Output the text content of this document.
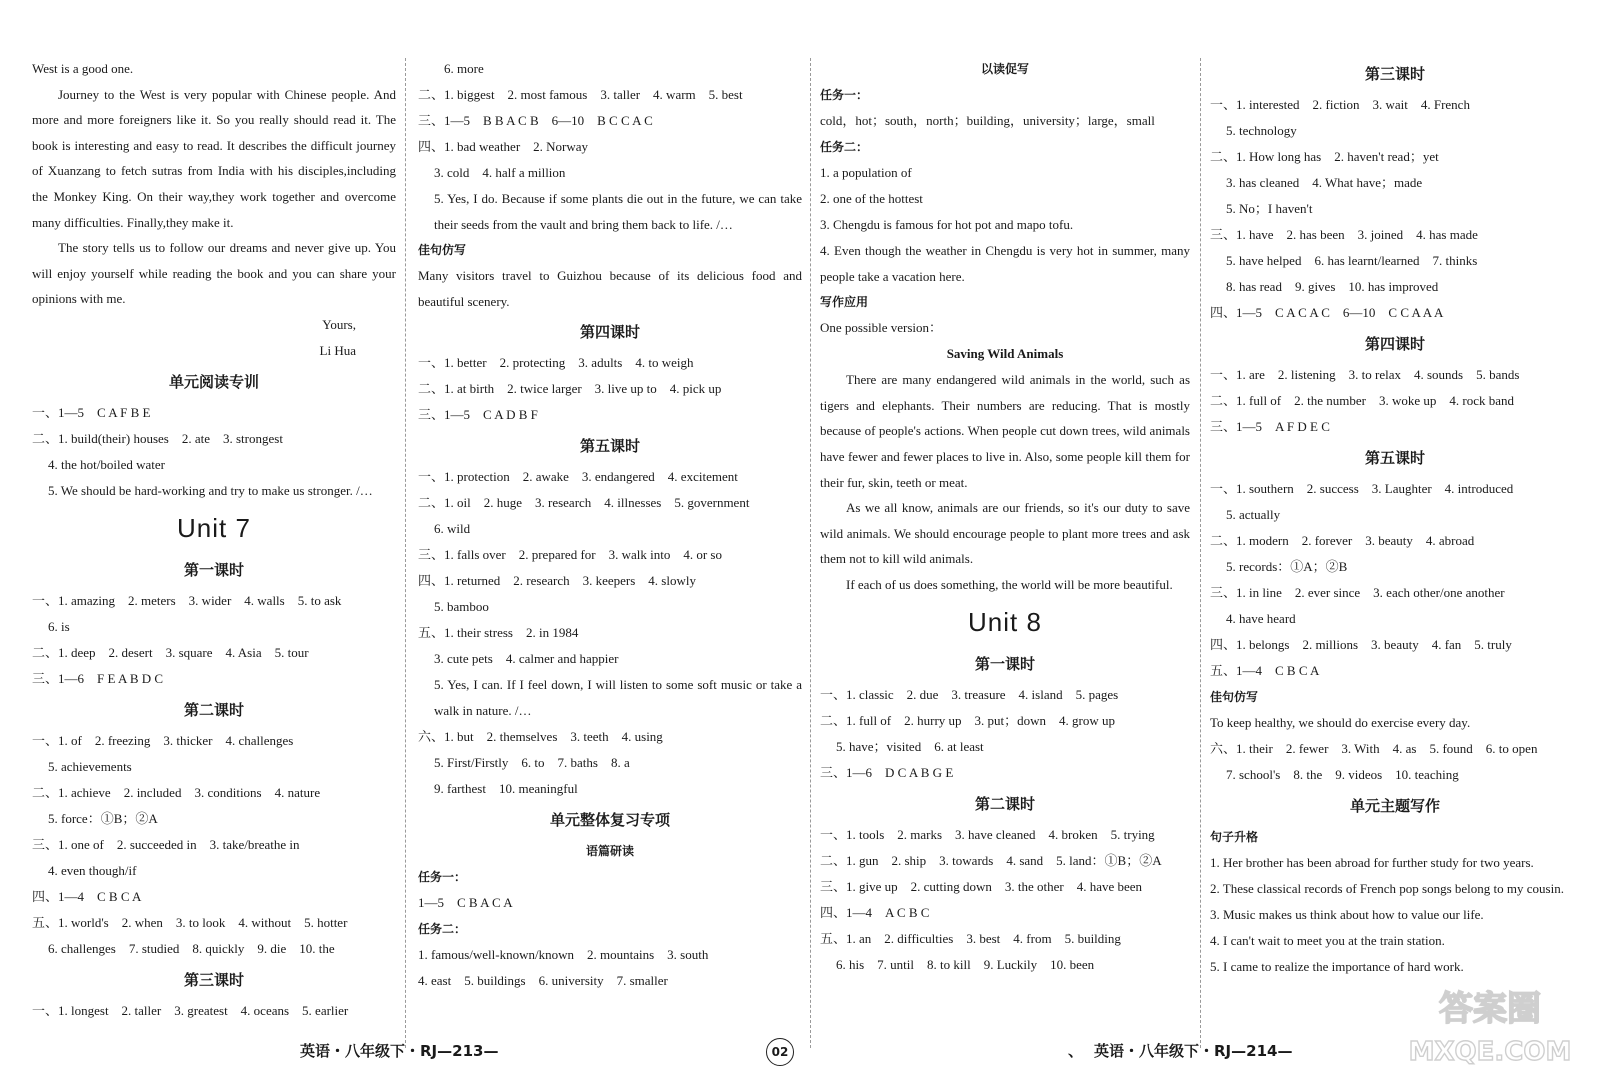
West is a good one.

Journey to the West is very popular with Chinese people. And more and more foreigners like it. So you really should read it. The book is interesting and easy to read. It describes the difficult journey of Xuanzang to fetch sutras from India with his disciples,including the Monkey King. On their way,they work together and overcome many difficulties. Finally,they make it.

The story tells us to follow our dreams and never give up. You will enjoy yourself while reading the book and you can share your opinions with me.

Yours,
Li Hua
单元阅读专训
一、1—5　C A F B E
二、1. build(their) houses　2. ate　3. strongest
4. the hot/boiled water
5. We should be hard-working and try to make us stronger. /…
Unit 7
第一课时
一、1. amazing　2. meters　3. wider　4. walls　5. to ask
6. is
二、1. deep　2. desert　3. square　4. Asia　5. tour
三、1—6　F E A B D C
第二课时
一、1. of　2. freezing　3. thicker　4. challenges
5. achievements
二、1. achieve　2. included　3. conditions　4. nature
5. force：①B；②A
三、1. one of　2. succeeded in　3. take/breathe in
4. even though/if
四、1—4　C B C A
五、1. world's　2. when　3. to look　4. without　5. hotter
6. challenges　7. studied　8. quickly　9. die　10. the
第三课时
一、1. longest　2. taller　3. greatest　4. oceans　5. earlier
6. more
二、1. biggest　2. most famous　3. taller　4. warm　5. best
三、1—5　B B A C B　6—10　B C C A C
四、1. bad weather　2. Norway
3. cold　4. half a million

5. Yes, I do. Because if some plants die out in the future, we can take their seeds from the vault and bring them back to life. /…

佳句仿写

Many visitors travel to Guizhou because of its delicious food and beautiful scenery.

第四课时
一、1. better　2. protecting　3. adults　4. to weigh
二、1. at birth　2. twice larger　3. live up to　4. pick up
三、1—5　C A D B F
第五课时
一、1. protection　2. awake　3. endangered　4. excitement
二、1. oil　2. huge　3. research　4. illnesses　5. government
6. wild
三、1. falls over　2. prepared for　3. walk into　4. or so
四、1. returned　2. research　3. keepers　4. slowly
5. bamboo
五、1. their stress　2. in 1984
3. cute pets　4. calmer and happier

5. Yes, I can. If I feel down, I will listen to some soft music or take a walk in nature. /…

六、1. but　2. themselves　3. teeth　4. using
5. First/Firstly　6. to　7. baths　8. a
9. farthest　10. meaningful
单元整体复习专项
语篇研读
任务一：
1—5　C B A C A
任务二：
1. famous/well-known/known　2. mountains　3. south
4. east　5. buildings　6. university　7. smaller
以读促写
任务一：
cold，hot；south，north；building，university；large，small
任务二：
1. a population of
2. one of the hottest
3. Chengdu is famous for hot pot and mapo tofu.

4. Even though the weather in Chengdu is very hot in summer, many people take a vacation here.

写作应用
One possible version：
Saving Wild Animals

There are many endangered wild animals in the world, such as tigers and elephants. Their numbers are reducing. That is mostly because of people's actions. When people cut down trees, wild animals have fewer and fewer places to live in. Also, some people kill them for their fur, skin, teeth or meat.

As we all know, animals are our friends, so it's our duty to save wild animals. We should encourage people to plant more trees and ask them not to kill wild animals.

If each of us does something, the world will be more beautiful.

Unit 8
第一课时
一、1. classic　2. due　3. treasure　4. island　5. pages
二、1. full of　2. hurry up　3. put；down　4. grow up
5. have；visited　6. at least
三、1—6　D C A B G E
第二课时
一、1. tools　2. marks　3. have cleaned　4. broken　5. trying
二、1. gun　2. ship　3. towards　4. sand　5. land：①B；②A
三、1. give up　2. cutting down　3. the other　4. have been
四、1—4　A C B C
五、1. an　2. difficulties　3. best　4. from　5. building
6. his　7. until　8. to kill　9. Luckily　10. been
第三课时
一、1. interested　2. fiction　3. wait　4. French
5. technology
二、1. How long has　2. haven't read；yet
3. has cleaned　4. What have；made
5. No；I haven't
三、1. have　2. has been　3. joined　4. has made
5. have helped　6. has learnt/learned　7. thinks
8. has read　9. gives　10. has improved
四、1—5　C A C A C　6—10　C C A A A
第四课时
一、1. are　2. listening　3. to relax　4. sounds　5. bands
二、1. full of　2. the number　3. woke up　4. rock band
三、1—5　A F D E C
第五课时
一、1. southern　2. success　3. Laughter　4. introduced
5. actually
二、1. modern　2. forever　3. beauty　4. abroad
5. records：①A；②B
三、1. in line　2. ever since　3. each other/one another
4. have heard
四、1. belongs　2. millions　3. beauty　4. fan　5. truly
五、1—4　C B C A
佳句仿写
To keep healthy, we should do exercise every day.
六、1. their　2. fewer　3. With　4. as　5. found　6. to open
7. school's　8. the　9. videos　10. teaching
单元主题写作
句子升格
1. Her brother has been abroad for further study for two years.

2. These classical records of French pop songs belong to my cousin.

3. Music makes us think about how to value our life.
4. I can't wait to meet you at the train station.
5. I came to realize the importance of hard work.
英语・八年级下・RJ—213—	02	、 英语・八年级下・RJ—214—
答案圈
MXQE.COM
